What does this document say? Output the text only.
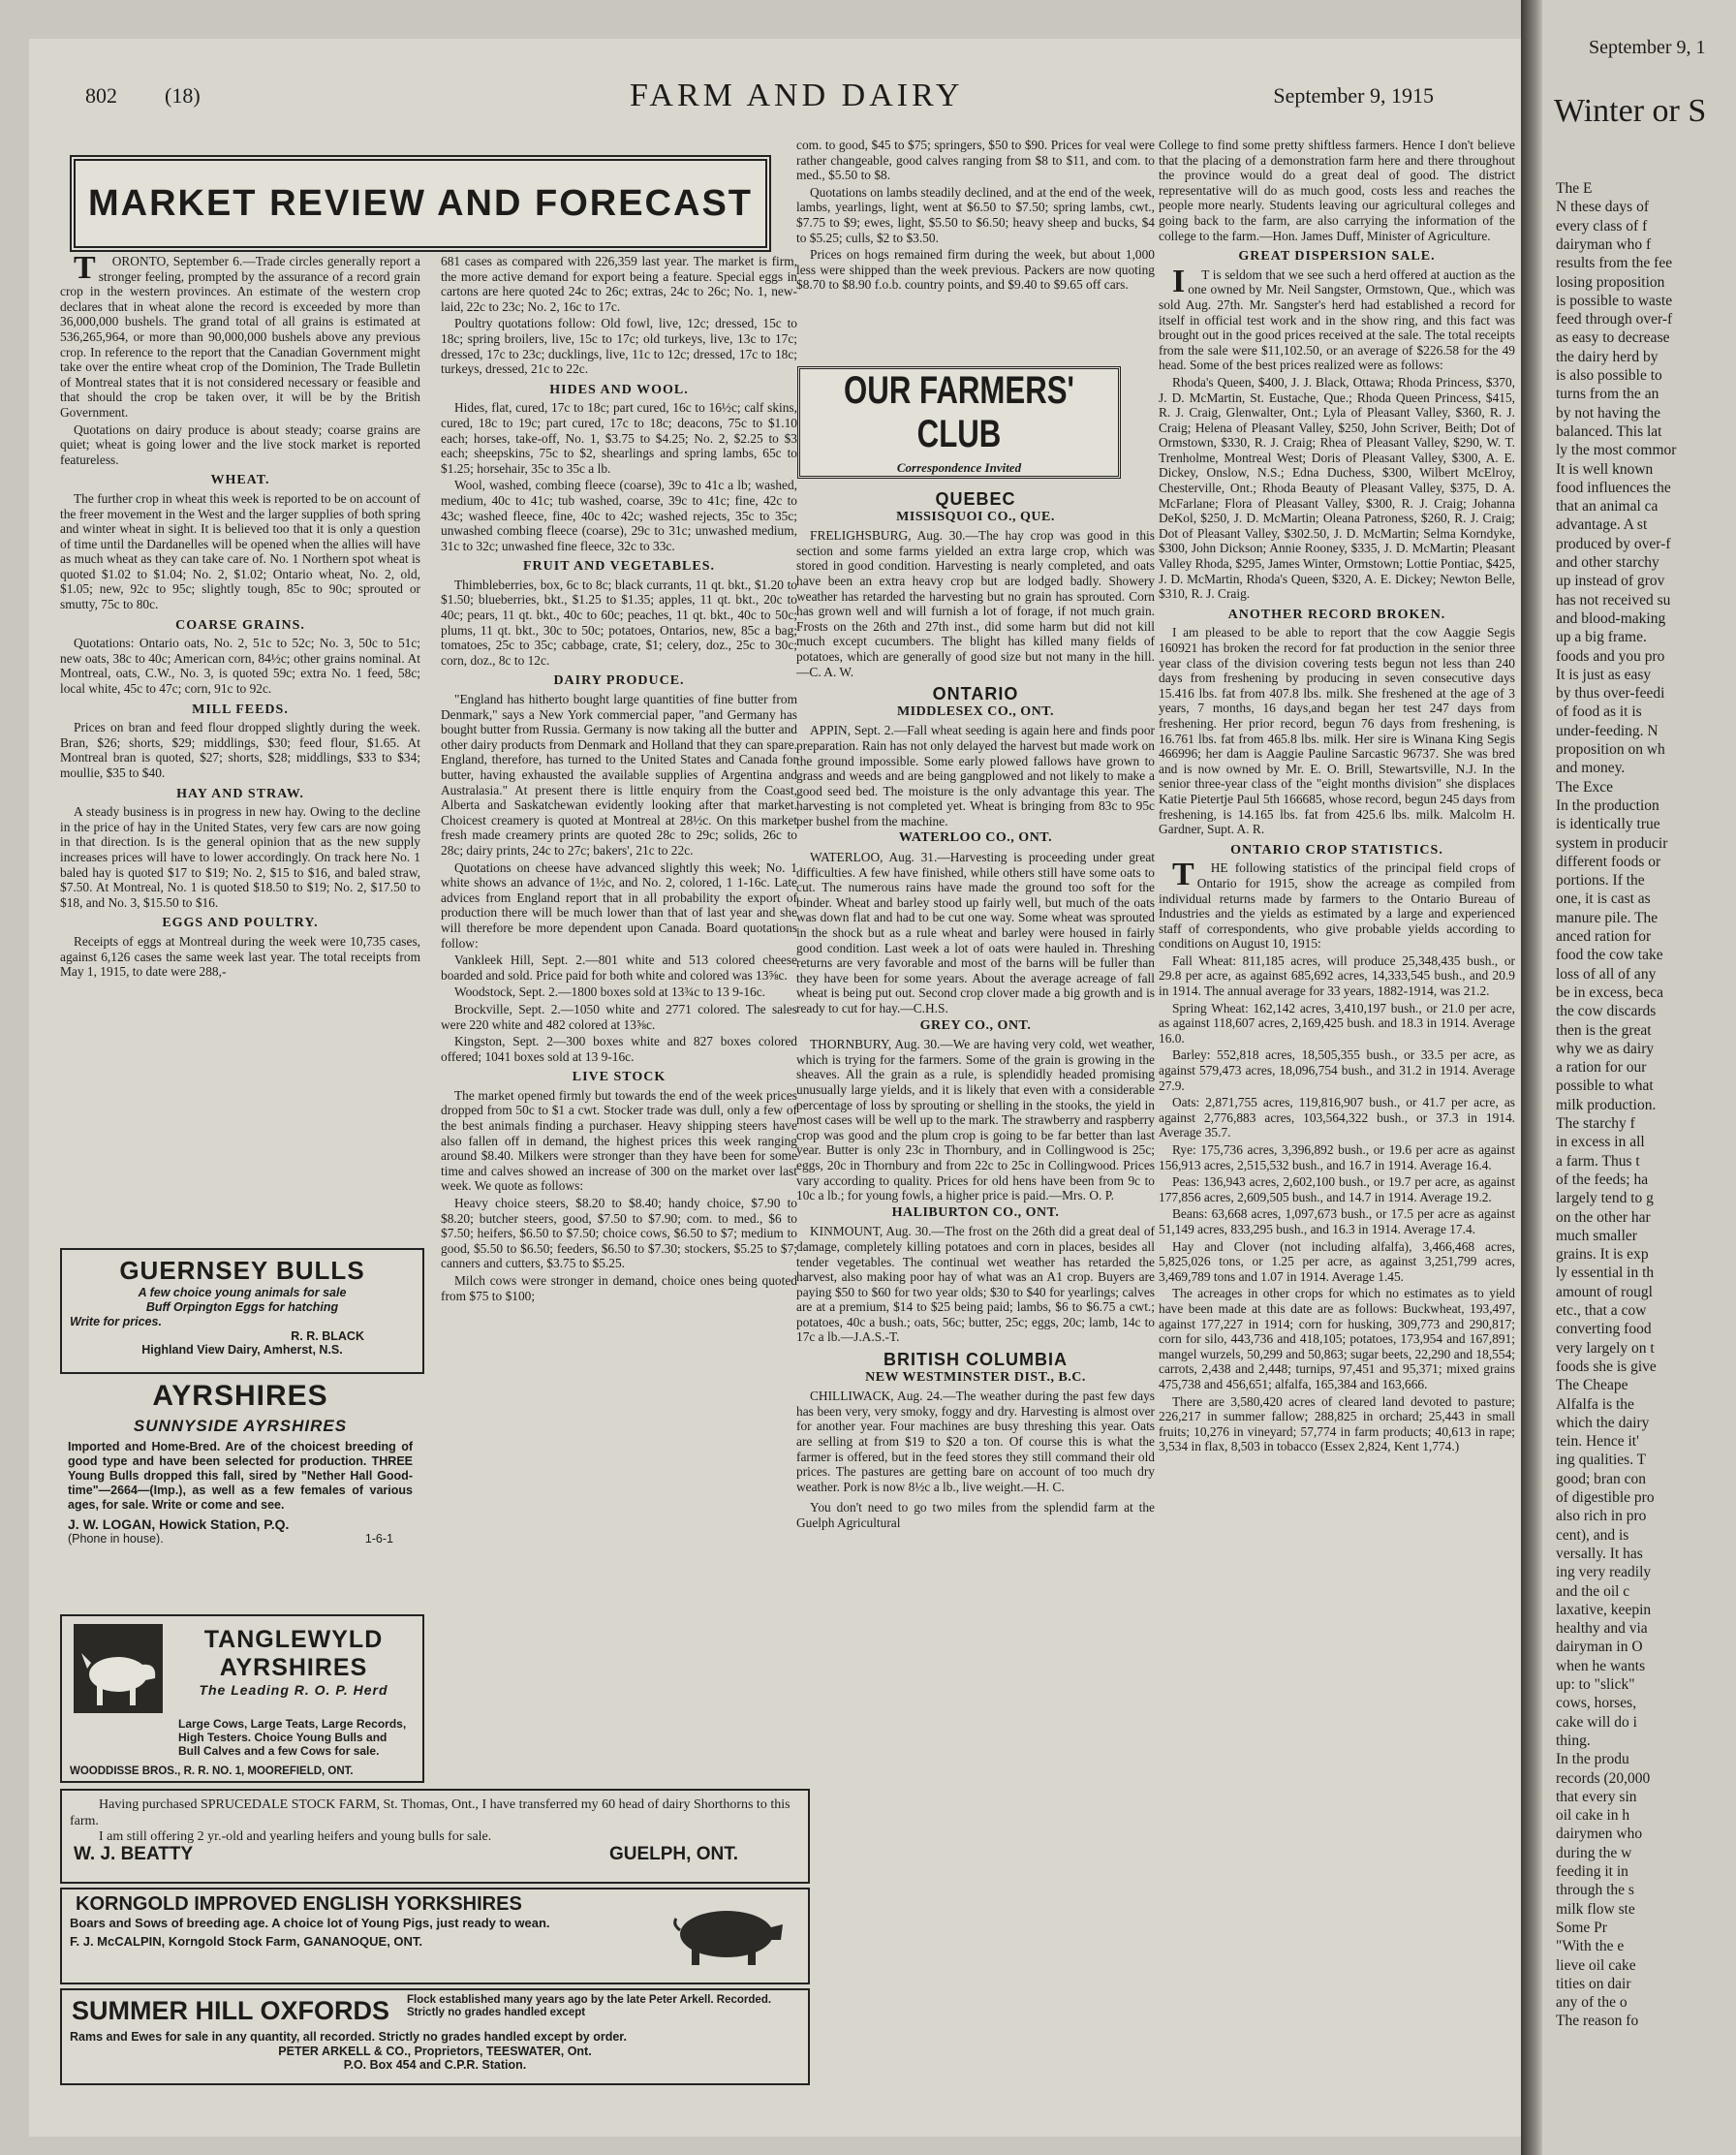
802 (18)	FARM AND DAIRY	September 9, 1915
MARKET REVIEW AND FORECAST

TORONTO, September 6.—Trade circles generally report a stronger feeling, prompted by the assurance of a record grain crop in the western provinces. An estimate of the western crop declares that in wheat alone the record is exceeded by more than 36,000,000 bushels. The grand total of all grains is estimated at 536,265,964, or more than 90,000,000 bushels above any previous crop. In reference to the report that the Canadian Government might take over the entire wheat crop of the Dominion, The Trade Bulletin of Montreal states that it is not considered necessary or feasible and that should the crop be taken over, it will be by the British Government.

Quotations on dairy produce is about steady; coarse grains are quiet; wheat is going lower and the live stock market is reported featureless.

WHEAT.

The further crop in wheat this week is reported to be on account of the freer movement in the West and the larger supplies of both spring and winter wheat in sight. It is believed too that it is only a question of time until the Dardanelles will be opened when the allies will have as much wheat as they can take care of. No. 1 Northern spot wheat is quoted $1.02 to $1.04; No. 2, $1.02; Ontario wheat, No. 2, old, $1.05; new, 92c to 95c; slightly tough, 85c to 90c; sprouted or smutty, 75c to 80c.

COARSE GRAINS.

Quotations: Ontario oats, No. 2, 51c to 52c; No. 3, 50c to 51c; new oats, 38c to 40c; American corn, 84½c; other grains nominal. At Montreal, oats, C.W., No. 3, is quoted 59c; extra No. 1 feed, 58c; local white, 45c to 47c; corn, 91c to 92c.

MILL FEEDS.

Prices on bran and feed flour dropped slightly during the week. Bran, $26; shorts, $29; middlings, $30; feed flour, $1.65. At Montreal bran is quoted, $27; shorts, $28; middlings, $33 to $34; moullie, $35 to $40.

HAY AND STRAW.

A steady business is in progress in new hay. Owing to the decline in the price of hay in the United States, very few cars are now going in that direction. Is is the general opinion that as the new supply increases prices will have to lower accordingly. On track here No. 1 baled hay is quoted $17 to $19; No. 2, $15 to $16, and baled straw, $7.50. At Montreal, No. 1 is quoted $18.50 to $19; No. 2, $17.50 to $18, and No. 3, $15.50 to $16.

EGGS AND POULTRY.

Receipts of eggs at Montreal during the week were 10,735 cases, against 6,126 cases the same week last year. The total receipts from May 1, 1915, to date were 288,-

GUERNSEY BULLS
A few choice young animals for sale
Buff Orpington Eggs for hatching
Write for prices.
R. R. BLACK
Highland View Dairy, Amherst, N.S.
AYRSHIRES
SUNNYSIDE AYRSHIRES
Imported and Home-Bred. Are of the choicest breeding of good type and have been selected for production. THREE Young Bulls dropped this fall, sired by "Nether Hall Good-time"—2664—(Imp.), as well as a few females of various ages, for sale. Write or come and see.
J. W. LOGAN, Howick Station, P.Q.
(Phone in house).	1-6-1
TANGLEWYLD
AYRSHIRES
The Leading R. O. P. Herd
Large Cows, Large Teats, Large Records, High Testers. Choice Young Bulls and Bull Calves and a few Cows for sale.
WOODDISSE BROS., R. R. NO. 1, MOOREFIELD, ONT.
Having purchased SPRUCEDALE STOCK FARM, St. Thomas, Ont., I have transferred my 60 head of dairy Shorthorns to this farm.
I am still offering 2 yr.-old and yearling heifers and young bulls for sale.
W. J. BEATTY	GUELPH, ONT.
KORNGOLD IMPROVED ENGLISH YORKSHIRES
Boars and Sows of breeding age. A choice lot of Young Pigs, just ready to wean.
F. J. McCALPIN, Korngold Stock Farm, GANANOQUE, ONT.
SUMMER HILL OXFORDS	Flock established many years ago by the late Peter Arkell. Recorded. Strictly no grades handled except
Rams and Ewes for sale in any quantity, all recorded. Strictly no grades handled except by order.
PETER ARKELL & CO., Proprietors, TEESWATER, Ont.
P.O. Box 454 and C.P.R. Station.

681 cases as compared with 226,359 last year. The market is firm, the more active demand for export being a feature. Special eggs in cartons are here quoted 24c to 26c; extras, 24c to 26c; No. 1, new-laid, 22c to 23c; No. 2, 16c to 17c.

Poultry quotations follow: Old fowl, live, 12c; dressed, 15c to 18c; spring broilers, live, 15c to 17c; old turkeys, live, 13c to 17c; dressed, 17c to 23c; ducklings, live, 11c to 12c; dressed, 17c to 18c; turkeys, dressed, 21c to 22c.

HIDES AND WOOL.

Hides, flat, cured, 17c to 18c; part cured, 16c to 16½c; calf skins, cured, 18c to 19c; part cured, 17c to 18c; deacons, 75c to $1.10 each; horses, take-off, No. 1, $3.75 to $4.25; No. 2, $2.25 to $3 each; sheepskins, 75c to $2, shearlings and spring lambs, 65c to $1.25; horsehair, 35c to 35c a lb.

Wool, washed, combing fleece (coarse), 39c to 41c a lb; washed, medium, 40c to 41c; tub washed, coarse, 39c to 41c; fine, 42c to 43c; washed fleece, fine, 40c to 42c; washed rejects, 35c to 35c; unwashed combing fleece (coarse), 29c to 31c; unwashed medium, 31c to 32c; unwashed fine fleece, 32c to 33c.

FRUIT AND VEGETABLES.

Thimbleberries, box, 6c to 8c; black currants, 11 qt. bkt., $1.20 to $1.50; blueberries, bkt., $1.25 to $1.35; apples, 11 qt. bkt., 20c to 40c; pears, 11 qt. bkt., 40c to 60c; peaches, 11 qt. bkt., 40c to 50c; plums, 11 qt. bkt., 30c to 50c; potatoes, Ontarios, new, 85c a bag; tomatoes, 25c to 35c; cabbage, crate, $1; celery, doz., 25c to 30c; corn, doz., 8c to 12c.

DAIRY PRODUCE.

"England has hitherto bought large quantities of fine butter from Denmark," says a New York commercial paper, "and Germany has bought butter from Russia. Germany is now taking all the butter and other dairy products from Denmark and Holland that they can spare. England, therefore, has turned to the United States and Canada for butter, having exhausted the available supplies of Argentina and Australasia." At present there is little enquiry from the Coast, Alberta and Saskatchewan evidently looking after that market. Choicest creamery is quoted at Montreal at 28½c. On this market fresh made creamery prints are quoted 28c to 29c; solids, 26c to 28c; dairy prints, 24c to 27c; bakers', 21c to 22c.

Quotations on cheese have advanced slightly this week; No. 1 white shows an advance of 1½c, and No. 2, colored, 1 1-16c. Late advices from England report that in all probability the export of production there will be much lower than that of last year and she will therefore be more dependent upon Canada. Board quotations follow:

Vankleek Hill, Sept. 2.—801 white and 513 colored cheese boarded and sold. Price paid for both white and colored was 13⅝c.

Woodstock, Sept. 2.—1800 boxes sold at 13¾c to 13 9-16c.

Brockville, Sept. 2.—1050 white and 2771 colored. The sales were 220 white and 482 colored at 13⅝c.

Kingston, Sept. 2—300 boxes white and 827 boxes colored offered; 1041 boxes sold at 13 9-16c.

LIVE STOCK

The market opened firmly but towards the end of the week prices dropped from 50c to $1 a cwt. Stocker trade was dull, only a few of the best animals finding a purchaser. Heavy shipping steers have also fallen off in demand, the highest prices this week ranging around $8.40. Milkers were stronger than they have been for some time and calves showed an increase of 300 on the market over last week. We quote as follows:

Heavy choice steers, $8.20 to $8.40; handy choice, $7.90 to $8.20; butcher steers, good, $7.50 to $7.90; com. to med., $6 to $7.50; heifers, $6.50 to $7.50; choice cows, $6.50 to $7; medium to good, $5.50 to $6.50; feeders, $6.50 to $7.30; stockers, $5.25 to $7; canners and cutters, $3.75 to $5.25.

Milch cows were stronger in demand, choice ones being quoted from $75 to $100;

com. to good, $45 to $75; springers, $50 to $90. Prices for veal were rather changeable, good calves ranging from $8 to $11, and com. to med., $5.50 to $8.

Quotations on lambs steadily declined, and at the end of the week, lambs, yearlings, light, went at $6.50 to $7.50; spring lambs, cwt., $7.75 to $9; ewes, light, $5.50 to $6.50; heavy sheep and bucks, $4 to $5.25; culls, $2 to $3.50.

Prices on hogs remained firm during the week, but about 1,000 less were shipped than the week previous. Packers are now quoting $8.70 to $8.90 f.o.b. country points, and $9.40 to $9.65 off cars.

OUR FARMERS' CLUB
Correspondence Invited
QUEBEC
MISSISQUOI CO., QUE.

FRELIGHSBURG, Aug. 30.—The hay crop was good in this section and some farms yielded an extra large crop, which was stored in good condition. Harvesting is nearly completed, and oats have been an extra heavy crop but are lodged badly. Showery weather has retarded the harvesting but no grain has sprouted. Corn has grown well and will furnish a lot of forage, if not much grain. Frosts on the 26th and 27th inst., did some harm but did not kill much except cucumbers. The blight has killed many fields of potatoes, which are generally of good size but not many in the hill.—C. A. W.

ONTARIO
MIDDLESEX CO., ONT.

APPIN, Sept. 2.—Fall wheat seeding is again here and finds poor preparation. Rain has not only delayed the harvest but made work on the ground impossible. Some early plowed fallows have grown to grass and weeds and are being gangplowed and not likely to make a good seed bed. The moisture is the only advantage this year. The harvesting is not completed yet. Wheat is bringing from 83c to 95c per bushel from the machine.

WATERLOO CO., ONT.

WATERLOO, Aug. 31.—Harvesting is proceeding under great difficulties. A few have finished, while others still have some oats to cut. The numerous rains have made the ground too soft for the binder. Wheat and barley stood up fairly well, but much of the oats was down flat and had to be cut one way. Some wheat was sprouted in the shock but as a rule wheat and barley were housed in fairly good condition. Last week a lot of oats were hauled in. Threshing returns are very favorable and most of the barns will be fuller than they have been for some years. About the average acreage of fall wheat is being put out. Second crop clover made a big growth and is ready to cut for hay.—C.H.S.

GREY CO., ONT.

THORNBURY, Aug. 30.—We are having very cold, wet weather, which is trying for the farmers. Some of the grain is growing in the sheaves. All the grain as a rule, is splendidly headed promising unusually large yields, and it is likely that even with a considerable percentage of loss by sprouting or shelling in the stooks, the yield in most cases will be well up to the mark. The strawberry and raspberry crop was good and the plum crop is going to be far better than last year. Butter is only 23c in Thornbury, and in Collingwood is 25c; eggs, 20c in Thornbury and from 22c to 25c in Collingwood. Prices vary according to quality. Prices for old hens have been from 9c to 10c a lb.; for young fowls, a higher price is paid.—Mrs. O. P.

HALIBURTON CO., ONT.

KINMOUNT, Aug. 30.—The frost on the 26th did a great deal of damage, completely killing potatoes and corn in places, besides all tender vegetables. The continual wet weather has retarded the harvest, also making poor hay of what was an A1 crop. Buyers are paying $50 to $60 for two year olds; $30 to $40 for yearlings; calves are at a premium, $14 to $25 being paid; lambs, $6 to $6.75 a cwt.; potatoes, 40c a bush.; oats, 56c; butter, 25c; eggs, 20c; lamb, 14c to 17c a lb.—J.A.S.-T.

BRITISH COLUMBIA
NEW WESTMINSTER DIST., B.C.

CHILLIWACK, Aug. 24.—The weather during the past few days has been very, very smoky, foggy and dry. Harvesting is almost over for another year. Four machines are busy threshing this year. Oats are selling at from $19 to $20 a ton. Of course this is what the farmer is offered, but in the feed stores they still command their old prices. The pastures are getting bare on account of too much dry weather. Pork is now 8½c a lb., live weight.—H. C.

You don't need to go two miles from the splendid farm at the Guelph Agricultural

College to find some pretty shiftless farmers. Hence I don't believe that the placing of a demonstration farm here and there throughout the province would do a great deal of good. The district representative will do as much good, costs less and reaches the people more nearly. Students leaving our agricultural colleges and going back to the farm, are also carrying the information of the college to the farm.—Hon. James Duff, Minister of Agriculture.

GREAT DISPERSION SALE.

IT is seldom that we see such a herd offered at auction as the one owned by Mr. Neil Sangster, Ormstown, Que., which was sold Aug. 27th. Mr. Sangster's herd had established a record for itself in official test work and in the show ring, and this fact was brought out in the good prices received at the sale. The total receipts from the sale were $11,102.50, or an average of $226.58 for the 49 head. Some of the best prices realized were as follows:

Rhoda's Queen, $400, J. J. Black, Ottawa; Rhoda Princess, $370, J. D. McMartin, St. Eustache, Que.; Rhoda Queen Princess, $415, R. J. Craig, Glenwalter, Ont.; Lyla of Pleasant Valley, $360, R. J. Craig; Helena of Pleasant Valley, $250, John Scriver, Beith; Dot of Ormstown, $330, R. J. Craig; Rhea of Pleasant Valley, $290, W. T. Trenholme, Montreal West; Doris of Pleasant Valley, $300, A. E. Dickey, Onslow, N.S.; Edna Duchess, $300, Wilbert McElroy, Chesterville, Ont.; Rhoda Beauty of Pleasant Valley, $375, D. A. McFarlane; Flora of Pleasant Valley, $300, R. J. Craig; Johanna DeKol, $250, J. D. McMartin; Oleana Patroness, $260, R. J. Craig; Dot of Pleasant Valley, $302.50, J. D. McMartin; Selma Korndyke, $300, John Dickson; Annie Rooney, $335, J. D. McMartin; Pleasant Valley Rhoda, $295, James Winter, Ormstown; Lottie Pontiac, $425, J. D. McMartin, Rhoda's Queen, $320, A. E. Dickey; Newton Belle, $310, R. J. Craig.

ANOTHER RECORD BROKEN.

I am pleased to be able to report that the cow Aaggie Segis 160921 has broken the record for fat production in the senior three year class of the division covering tests begun not less than 240 days from freshening by producing in seven consecutive days 15.416 lbs. fat from 407.8 lbs. milk. She freshened at the age of 3 years, 7 months, 16 days,and began her test 247 days from freshening. Her prior record, begun 76 days from freshening, is 16.761 lbs. fat from 465.8 lbs. milk. Her sire is Winana King Segis 466996; her dam is Aaggie Pauline Sarcastic 96737. She was bred and is now owned by Mr. E. O. Brill, Stewartsville, N.J. In the senior three-year class of the "eight months division" she displaces Katie Pietertje Paul 5th 166685, whose record, begun 245 days from freshening, is 14.165 lbs. fat from 425.6 lbs. milk. Malcolm H. Gardner, Supt. A. R.

ONTARIO CROP STATISTICS.

THE following statistics of the principal field crops of Ontario for 1915, show the acreage as compiled from individual returns made by farmers to the Ontario Bureau of Industries and the yields as estimated by a large and experienced staff of correspondents, who give probable yields according to conditions on August 10, 1915:

Fall Wheat: 811,185 acres, will produce 25,348,435 bush., or 29.8 per acre, as against 685,692 acres, 14,333,545 bush., and 20.9 in 1914. The annual average for 33 years, 1882-1914, was 21.2.

Spring Wheat: 162,142 acres, 3,410,197 bush., or 21.0 per acre, as against 118,607 acres, 2,169,425 bush. and 18.3 in 1914. Average 16.0.

Barley: 552,818 acres, 18,505,355 bush., or 33.5 per acre, as against 579,473 acres, 18,096,754 bush., and 31.2 in 1914. Average 27.9.

Oats: 2,871,755 acres, 119,816,907 bush., or 41.7 per acre, as against 2,776,883 acres, 103,564,322 bush., or 37.3 in 1914. Average 35.7.

Rye: 175,736 acres, 3,396,892 bush., or 19.6 per acre as against 156,913 acres, 2,515,532 bush., and 16.7 in 1914. Average 16.4.

Peas: 136,943 acres, 2,602,100 bush., or 19.7 per acre, as against 177,856 acres, 2,609,505 bush., and 14.7 in 1914. Average 19.2.

Beans: 63,668 acres, 1,097,673 bush., or 17.5 per acre as against 51,149 acres, 833,295 bush., and 16.3 in 1914. Average 17.4.

Hay and Clover (not including alfalfa), 3,466,468 acres, 5,825,026 tons, or 1.25 per acre, as against 3,251,799 acres, 3,469,789 tons and 1.07 in 1914. Average 1.45.

The acreages in other crops for which no estimates as to yield have been made at this date are as follows: Buckwheat, 193,497, against 177,227 in 1914; corn for husking, 309,773 and 290,817; corn for silo, 443,736 and 418,105; potatoes, 173,954 and 167,891; mangel wurzels, 50,299 and 50,863; sugar beets, 22,290 and 18,554; carrots, 2,438 and 2,448; turnips, 97,451 and 95,371; mixed grains 475,738 and 456,651; alfalfa, 165,384 and 163,666.

There are 3,580,420 acres of cleared land devoted to pasture; 226,217 in summer fallow; 288,825 in orchard; 25,443 in small fruits; 10,276 in vineyard; 57,774 in farm products; 40,613 in rape; 3,534 in flax, 8,503 in tobacco (Essex 2,824, Kent 1,774.)

September 9, 1
Winter or S
The E
N these days of
every class of f
dairyman who f
results from the fee
losing proposition
is possible to waste
feed through over-f
as easy to decrease
the dairy herd by
is also possible to
turns from the an
by not having the
balanced. This lat
ly the most commor
It is well known
food influences the
that an animal ca
advantage. A st
produced by over-f
and other starchy
up instead of grov
has not received su
and blood-making
up a big frame.
foods and you pro
It is just as easy
by thus over-feedi
of food as it is
under-feeding. N
proposition on wh
and money.
The Exce
In the production
is identically true
system in producir
different foods or
portions. If the
one, it is cast as
manure pile. The
anced ration for
food the cow take
loss of all of any
be in excess, beca
the cow discards
then is the great
why we as dairy
a ration for our
possible to what
milk production.
The starchy f
in excess in all
a farm. Thus t
of the feeds; ha
largely tend to g
on the other har
much smaller
grains. It is exp
ly essential in th
amount of rougl
etc., that a cow
converting food
very largely on t
foods she is give
The Cheape
Alfalfa is the
which the dairy
tein. Hence it'
ing qualities. T
good; bran con
of digestible pro
also rich in pro
cent), and is
versally. It has
ing very readily
and the oil c
laxative, keepin
healthy and via
dairyman in O
when he wants
up: to "slick"
cows, horses,
cake will do i
thing.
In the produ
records (20,000
that every sin
oil cake in h
dairymen who
during the w
feeding it in
through the s
milk flow ste
Some Pr
"With the e
lieve oil cake
tities on dair
any of the o
The reason fo
